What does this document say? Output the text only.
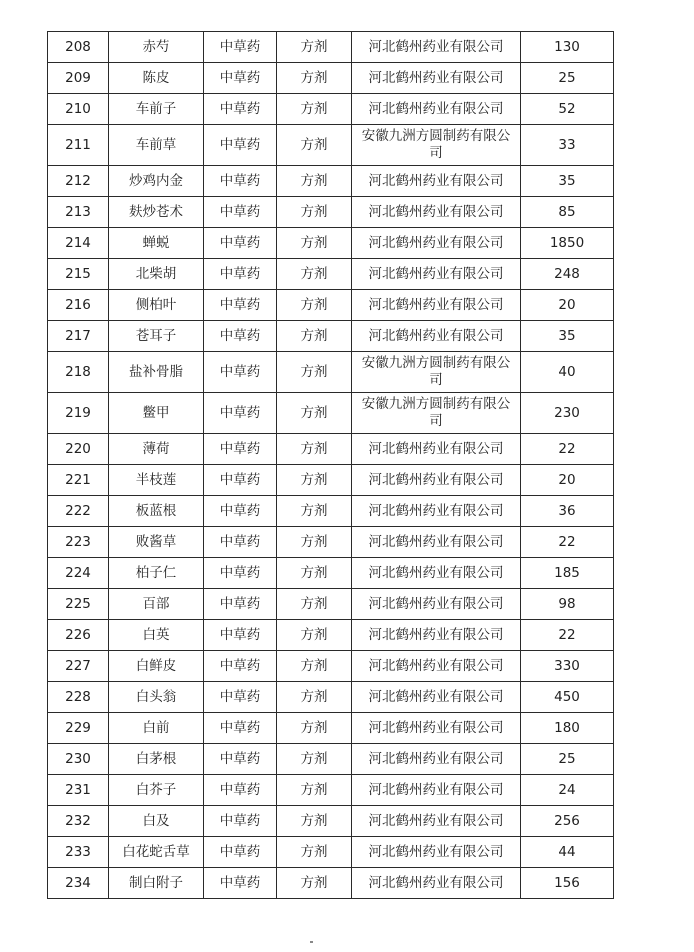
208	赤芍	中草药	方剂	河北鹤州药业有限公司	130
209	陈皮	中草药	方剂	河北鹤州药业有限公司	25
210	车前子	中草药	方剂	河北鹤州药业有限公司	52
211	车前草	中草药	方剂	安徽九洲方圆制药有限公司	33
212	炒鸡内金	中草药	方剂	河北鹤州药业有限公司	35
213	麸炒苍术	中草药	方剂	河北鹤州药业有限公司	85
214	蝉蜕	中草药	方剂	河北鹤州药业有限公司	1850
215	北柴胡	中草药	方剂	河北鹤州药业有限公司	248
216	侧柏叶	中草药	方剂	河北鹤州药业有限公司	20
217	苍耳子	中草药	方剂	河北鹤州药业有限公司	35
218	盐补骨脂	中草药	方剂	安徽九洲方圆制药有限公司	40
219	鳖甲	中草药	方剂	安徽九洲方圆制药有限公司	230
220	薄荷	中草药	方剂	河北鹤州药业有限公司	22
221	半枝莲	中草药	方剂	河北鹤州药业有限公司	20
222	板蓝根	中草药	方剂	河北鹤州药业有限公司	36
223	败酱草	中草药	方剂	河北鹤州药业有限公司	22
224	柏子仁	中草药	方剂	河北鹤州药业有限公司	185
225	百部	中草药	方剂	河北鹤州药业有限公司	98
226	白英	中草药	方剂	河北鹤州药业有限公司	22
227	白鲜皮	中草药	方剂	河北鹤州药业有限公司	330
228	白头翁	中草药	方剂	河北鹤州药业有限公司	450
229	白前	中草药	方剂	河北鹤州药业有限公司	180
230	白茅根	中草药	方剂	河北鹤州药业有限公司	25
231	白芥子	中草药	方剂	河北鹤州药业有限公司	24
232	白及	中草药	方剂	河北鹤州药业有限公司	256
233	白花蛇舌草	中草药	方剂	河北鹤州药业有限公司	44
234	制白附子	中草药	方剂	河北鹤州药业有限公司	156
